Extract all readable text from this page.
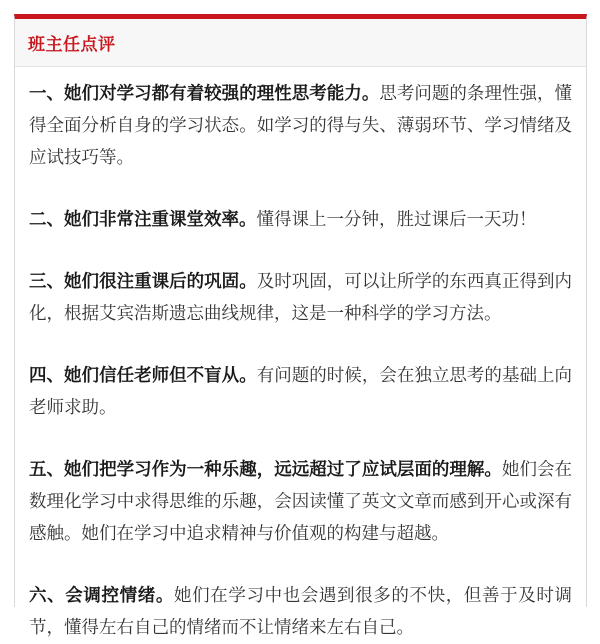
班主任点评

一、她们对学习都有着较强的理性思考能力。思考问题的条理性强，懂得全面分析自身的学习状态。如学习的得与失、薄弱环节、学习情绪及应试技巧等。

二、她们非常注重课堂效率。懂得课上一分钟，胜过课后一天功！

三、她们很注重课后的巩固。及时巩固，可以让所学的东西真正得到内化，根据艾宾浩斯遗忘曲线规律，这是一种科学的学习方法。

四、她们信任老师但不盲从。有问题的时候，会在独立思考的基础上向老师求助。

五、她们把学习作为一种乐趣，远远超过了应试层面的理解。她们会在数理化学习中求得思维的乐趣，会因读懂了英文文章而感到开心或深有感触。她们在学习中追求精神与价值观的构建与超越。

六、会调控情绪。她们在学习中也会遇到很多的不快，但善于及时调节，懂得左右自己的情绪而不让情绪来左右自己。
